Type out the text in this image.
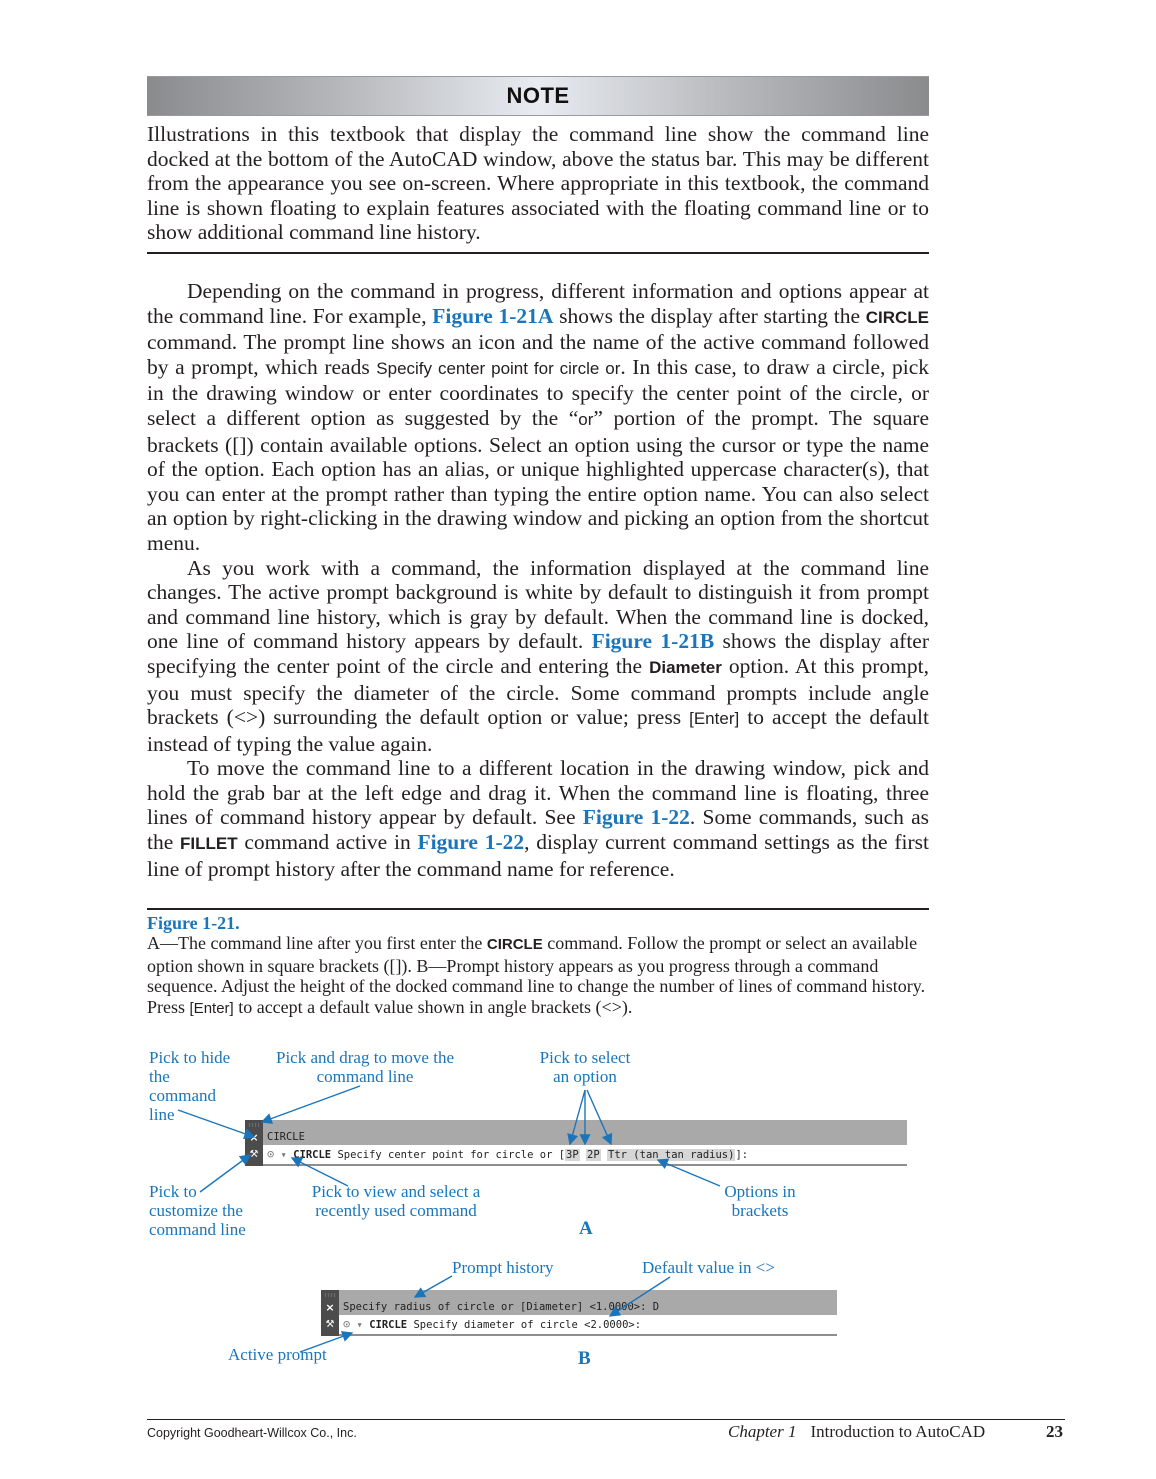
NOTE
Illustrations in this textbook that display the command line show the command line docked at the bottom of the AutoCAD window, above the status bar. This may be different from the appearance you see on-screen. Where appropriate in this textbook, the command line is shown floating to explain features associated with the floating command line or to show additional command line history.

Depending on the command in progress, different information and options appear at the command line. For example, Figure 1-21A shows the display after starting the CIRCLE command. The prompt line shows an icon and the name of the active command followed by a prompt, which reads Specify center point for circle or. In this case, to draw a circle, pick in the drawing window or enter coordinates to specify the center point of the circle, or select a different option as suggested by the “or” portion of the prompt. The square brackets ([]) contain available options. Select an option using the cursor or type the name of the option. Each option has an alias, or unique highlighted uppercase character(s), that you can enter at the prompt rather than typing the entire option name. You can also select an option by right-clicking in the drawing window and picking an option from the shortcut menu.

As you work with a command, the information displayed at the command line changes. The active prompt background is white by default to distinguish it from prompt and command line history, which is gray by default. When the command line is docked, one line of command history appears by default. Figure 1-21B shows the display after specifying the center point of the circle and entering the Diameter option. At this prompt, you must specify the diameter of the circle. Some command prompts include angle brackets (<>) surrounding the default option or value; press [Enter] to accept the default instead of typing the value again.

To move the command line to a different location in the drawing window, pick and hold the grab bar at the left edge and drag it. When the command line is floating, three lines of command history appear by default. See Figure 1-22. Some commands, such as the FILLET command active in Figure 1-22, display current command settings as the first line of prompt history after the command name for reference.

Figure 1-21.
A—The command line after you first enter the CIRCLE command. Follow the prompt or select an available option shown in square brackets ([]). B—Prompt history appears as you progress through a command sequence. Adjust the height of the docked command line to change the number of lines of command history. Press [Enter] to accept a default value shown in angle brackets (<>).
Pick to hide the command line
Pick and drag to move the command line
Pick to select an option
Pick to customize the command line
Pick to view and select a recently used command
Options in brackets
A
×
⚒
CIRCLE
⊙ ▾ CIRCLE Specify center point for circle or [3P 2P Ttr (tan tan radius)]:
Prompt history	Default value in <>
Active prompt	B
×
⚒
Specify radius of circle or [Diameter] <1.0000>: D
⊙ ▾ CIRCLE Specify diameter of circle <2.0000>:
Copyright Goodheart-Willcox Co., Inc.	Chapter 1 Introduction to AutoCAD	23
